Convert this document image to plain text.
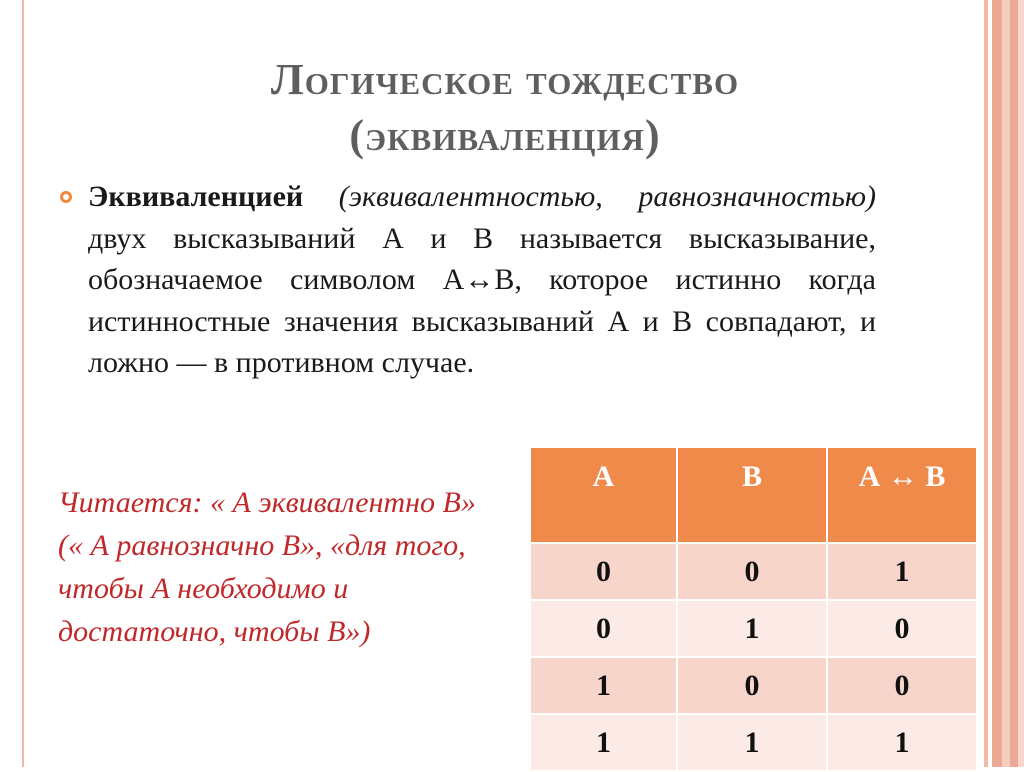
Логическое тождество
(эквиваленция)

Эквиваленцией (эквивалентностью, равнозначностью) двух высказываний А и В называется высказывание, обозначаемое символом А↔В, которое истинно когда истинностные значения высказываний А и В совпадают, и ложно — в противном случае.

Читается: « А эквивалентно В» (« А равнозначно В», «для того, чтобы А необходимо и достаточно, чтобы В»)

А	В	А ↔ В
0	0	1
0	1	0
1	0	0
1	1	1
